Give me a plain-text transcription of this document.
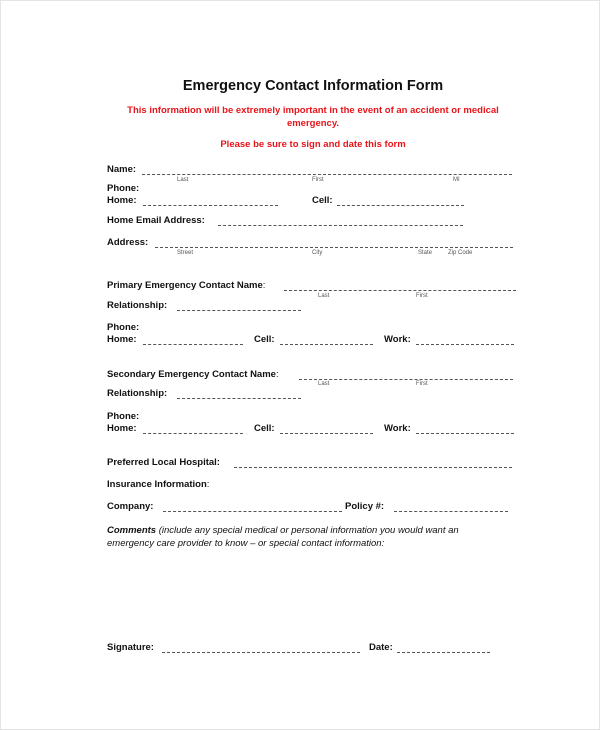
Emergency Contact Information Form
This information will be extremely important in the event of an accident or medical emergency.
Please be sure to sign and date this form
Name:
Last	First	MI
Phone:
Home:	Cell:
Home Email Address:
Address:
Street	City	State	Zip Code
Primary Emergency Contact Name:
Last	First
Relationship:
Phone:
Home:	Cell:	Work:
Secondary Emergency Contact Name:
Last	First
Relationship:
Phone:
Home:	Cell:	Work:
Preferred Local Hospital:
Insurance Information:
Company:	Policy #:
Comments (include any special medical or personal information you would want an
emergency care provider to know – or special contact information:
Signature:	Date:
